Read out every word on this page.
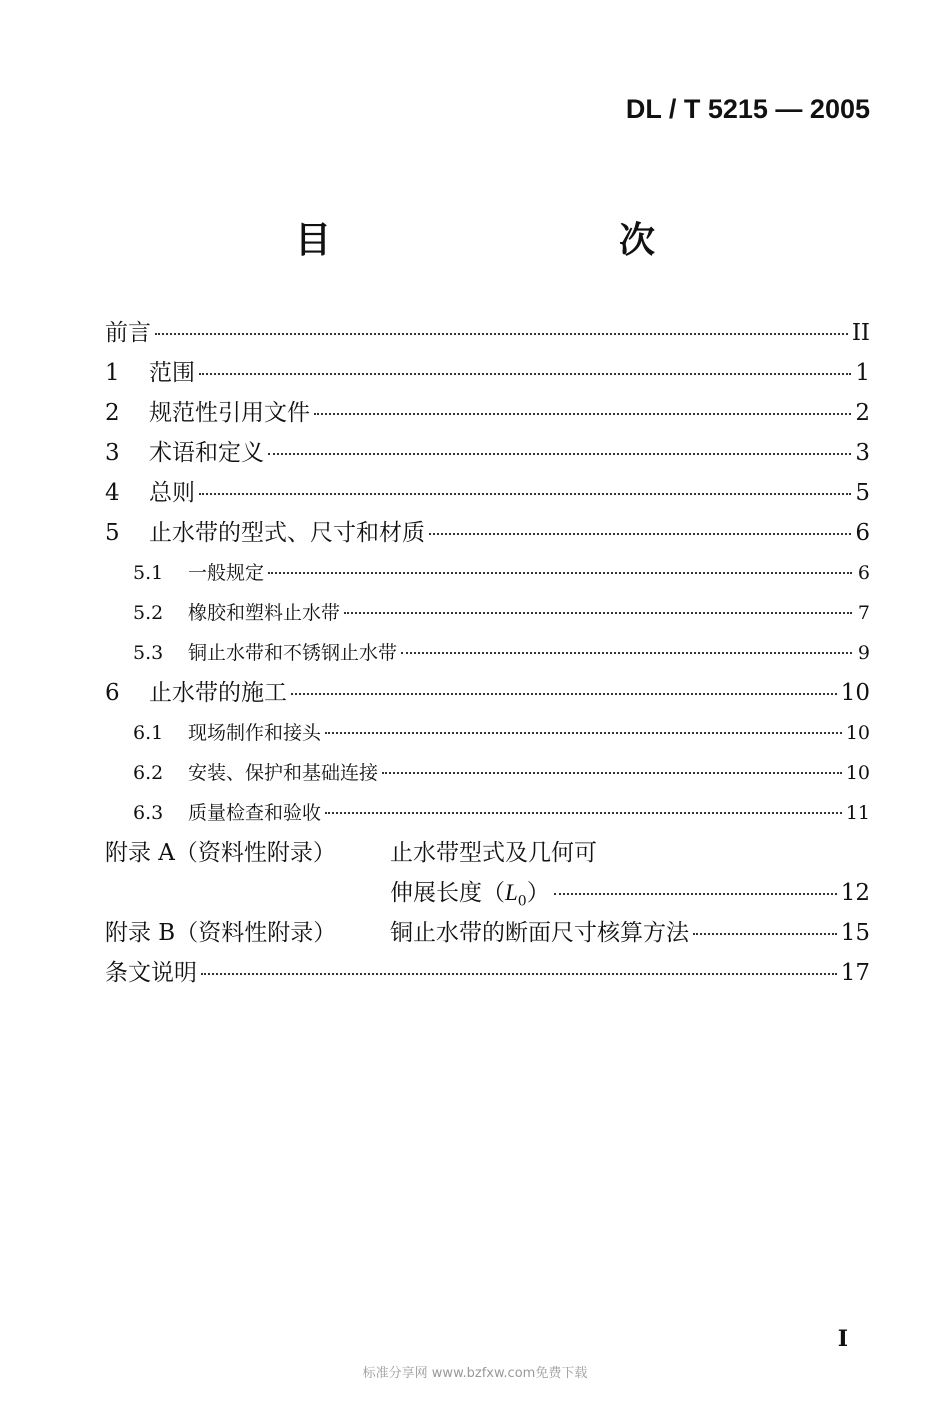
DL / T 5215 — 2005
目　　次
前言	II
1	范围	1
2	规范性引用文件	2
3	术语和定义	3
4	总则	5
5	止水带的型式、尺寸和材质	6
5.1	一般规定	6
5.2	橡胶和塑料止水带	7
5.3	铜止水带和不锈钢止水带	9
6	止水带的施工	10
6.1	现场制作和接头	10
6.2	安装、保护和基础连接	10
6.3	质量检查和验收	11
附录 A（资料性附录）	止水带型式及几何可
伸展长度$(L_0)$	12
附录 B（资料性附录）	铜止水带的断面尺寸核算方法	15
条文说明	17
I
标准分享网 www.bzfxw.com免费下载
